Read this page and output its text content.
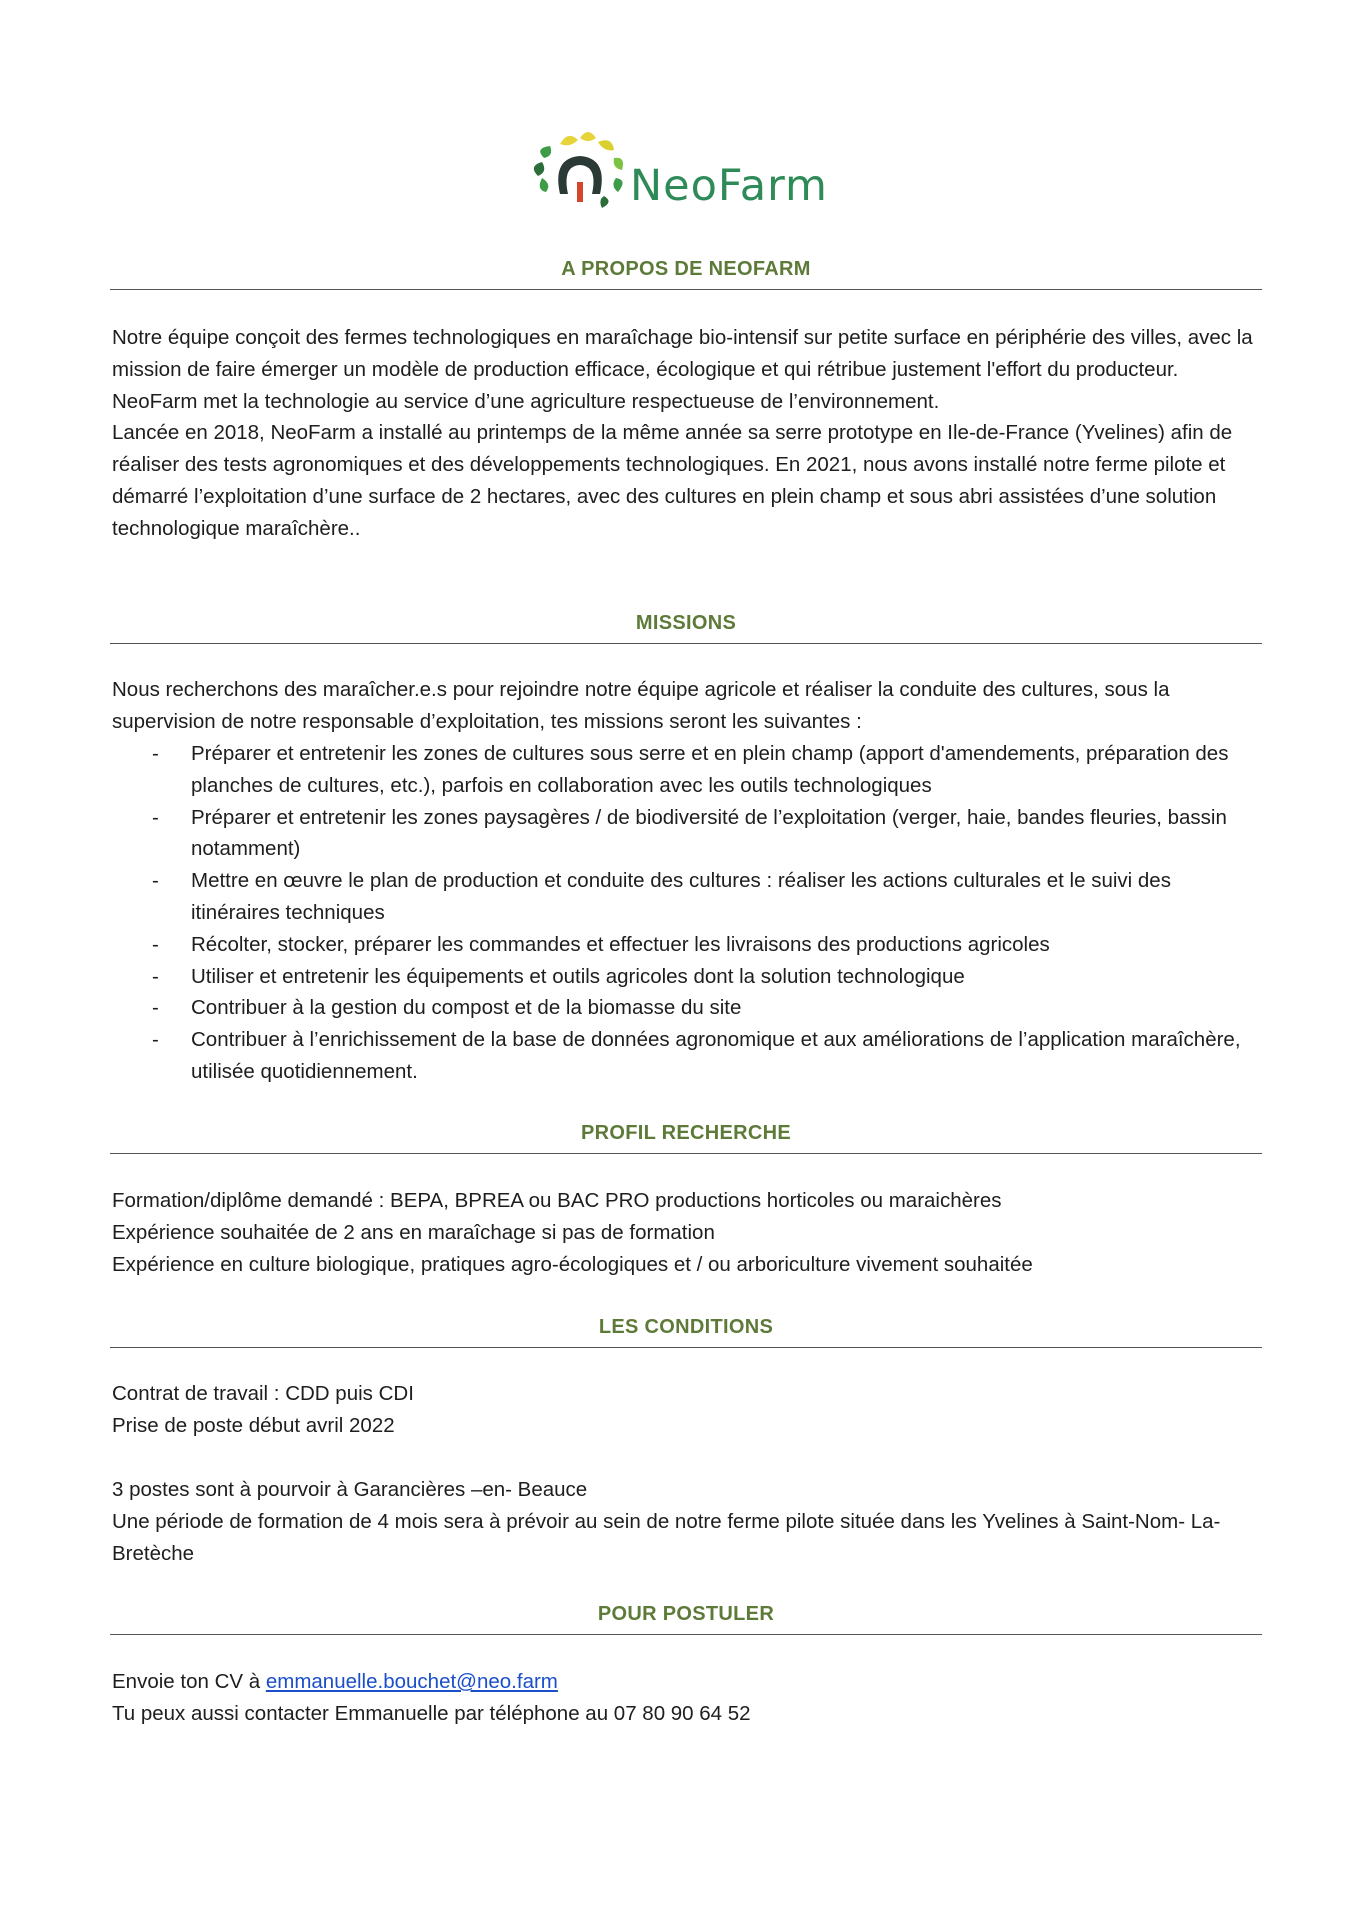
NeoFarm
A PROPOS DE NEOFARM

Notre équipe conçoit des fermes technologiques en maraîchage bio-intensif sur petite surface en périphérie des villes, avec la mission de faire émerger un modèle de production efficace, écologique et qui rétribue justement l'effort du producteur.

NeoFarm met la technologie au service d’une agriculture respectueuse de l’environnement.

Lancée en 2018, NeoFarm a installé au printemps de la même année sa serre prototype en Ile-de-France (Yvelines) afin de réaliser des tests agronomiques et des développements technologiques. En 2021, nous avons installé notre ferme pilote et démarré l’exploitation d’une surface de 2 hectares, avec des cultures en plein champ et sous abri assistées d’une solution technologique maraîchère..

MISSIONS
Nous recherchons des maraîcher.e.s pour rejoindre notre équipe agricole et réaliser la conduite des cultures, sous la supervision de notre responsable d’exploitation, tes missions seront les suivantes :
- Préparer et entretenir les zones de cultures sous serre et en plein champ (apport d'amendements, préparation des planches de cultures, etc.), parfois en collaboration avec les outils technologiques
- Préparer et entretenir les zones paysagères / de biodiversité de l’exploitation (verger, haie, bandes fleuries, bassin notamment)
- Mettre en œuvre le plan de production et conduite des cultures : réaliser les actions culturales et le suivi des itinéraires techniques
- Récolter, stocker, préparer les commandes et effectuer les livraisons des productions agricoles
- Utiliser et entretenir les équipements et outils agricoles dont la solution technologique
- Contribuer à la gestion du compost et de la biomasse du site
- Contribuer à l’enrichissement de la base de données agronomique et aux améliorations de l’application maraîchère, utilisée quotidiennement.
PROFIL RECHERCHE

Formation/diplôme demandé : BEPA, BPREA ou BAC PRO productions horticoles ou maraichères

Expérience souhaitée de 2 ans en maraîchage si pas de formation

Expérience en culture biologique, pratiques agro-écologiques et / ou arboriculture vivement souhaitée

LES CONDITIONS

Contrat de travail : CDD puis CDI

Prise de poste début avril 2022

3 postes sont à pourvoir à Garancières –en- Beauce

Une période de formation de 4 mois sera à prévoir au sein de notre ferme pilote située dans les Yvelines à Saint-Nom- La- Bretèche

POUR POSTULER

Envoie ton CV à emmanuelle.bouchet@neo.farm

Tu peux aussi contacter Emmanuelle par téléphone au 07 80 90 64 52
